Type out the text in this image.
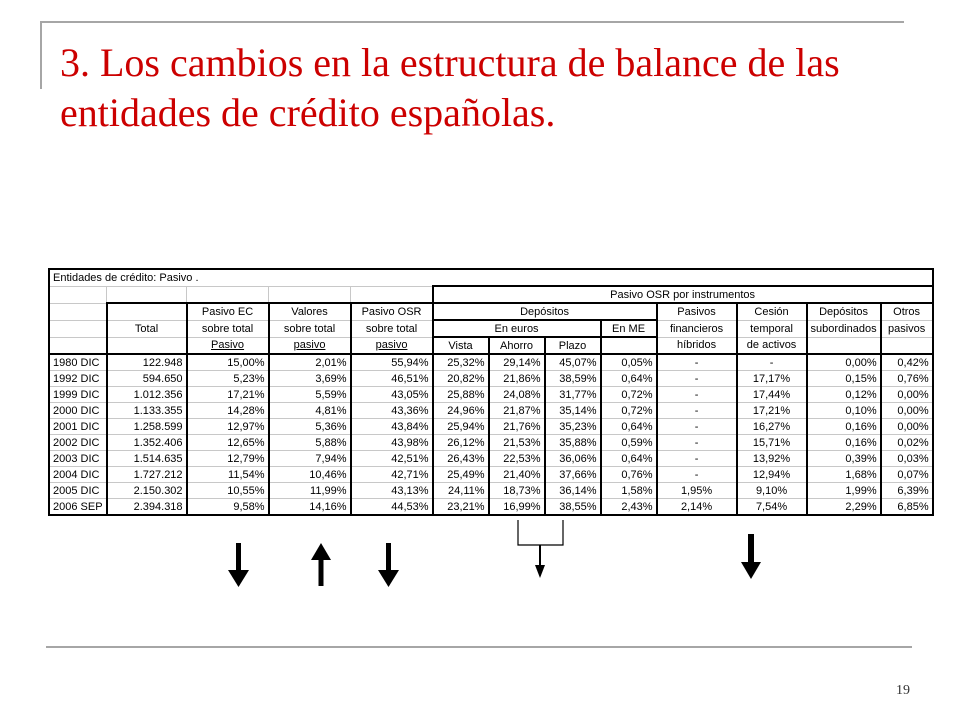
3. Los cambios en la estructura de balance de las entidades de crédito españolas.
Entidades de crédito: Pasivo .												
					Pasivo OSR por instrumentos							
		Pasivo EC	Valores	Pasivo OSR	Depósitos				Pasivos	Cesión	Depósitos	Otros
	Total	sobre total	sobre total	sobre total	En euros			En ME	financieros	temporal	subordinados	pasivos
		Pasivo	pasivo	pasivo	Vista	Ahorro	Plazo		híbridos	de activos		
1980 DIC	122.948	15,00%	2,01%	55,94%	25,32%	29,14%	45,07%	0,05%	-	-	0,00%	0,42%
1992 DIC	594.650	5,23%	3,69%	46,51%	20,82%	21,86%	38,59%	0,64%	-	17,17%	0,15%	0,76%
1999 DIC	1.012.356	17,21%	5,59%	43,05%	25,88%	24,08%	31,77%	0,72%	-	17,44%	0,12%	0,00%
2000 DIC	1.133.355	14,28%	4,81%	43,36%	24,96%	21,87%	35,14%	0,72%	-	17,21%	0,10%	0,00%
2001 DIC	1.258.599	12,97%	5,36%	43,84%	25,94%	21,76%	35,23%	0,64%	-	16,27%	0,16%	0,00%
2002 DIC	1.352.406	12,65%	5,88%	43,98%	26,12%	21,53%	35,88%	0,59%	-	15,71%	0,16%	0,02%
2003 DIC	1.514.635	12,79%	7,94%	42,51%	26,43%	22,53%	36,06%	0,64%	-	13,92%	0,39%	0,03%
2004 DIC	1.727.212	11,54%	10,46%	42,71%	25,49%	21,40%	37,66%	0,76%	-	12,94%	1,68%	0,07%
2005 DIC	2.150.302	10,55%	11,99%	43,13%	24,11%	18,73%	36,14%	1,58%	1,95%	9,10%	1,99%	6,39%
2006 SEP	2.394.318	9,58%	14,16%	44,53%	23,21%	16,99%	38,55%	2,43%	2,14%	7,54%	2,29%	6,85%
19
